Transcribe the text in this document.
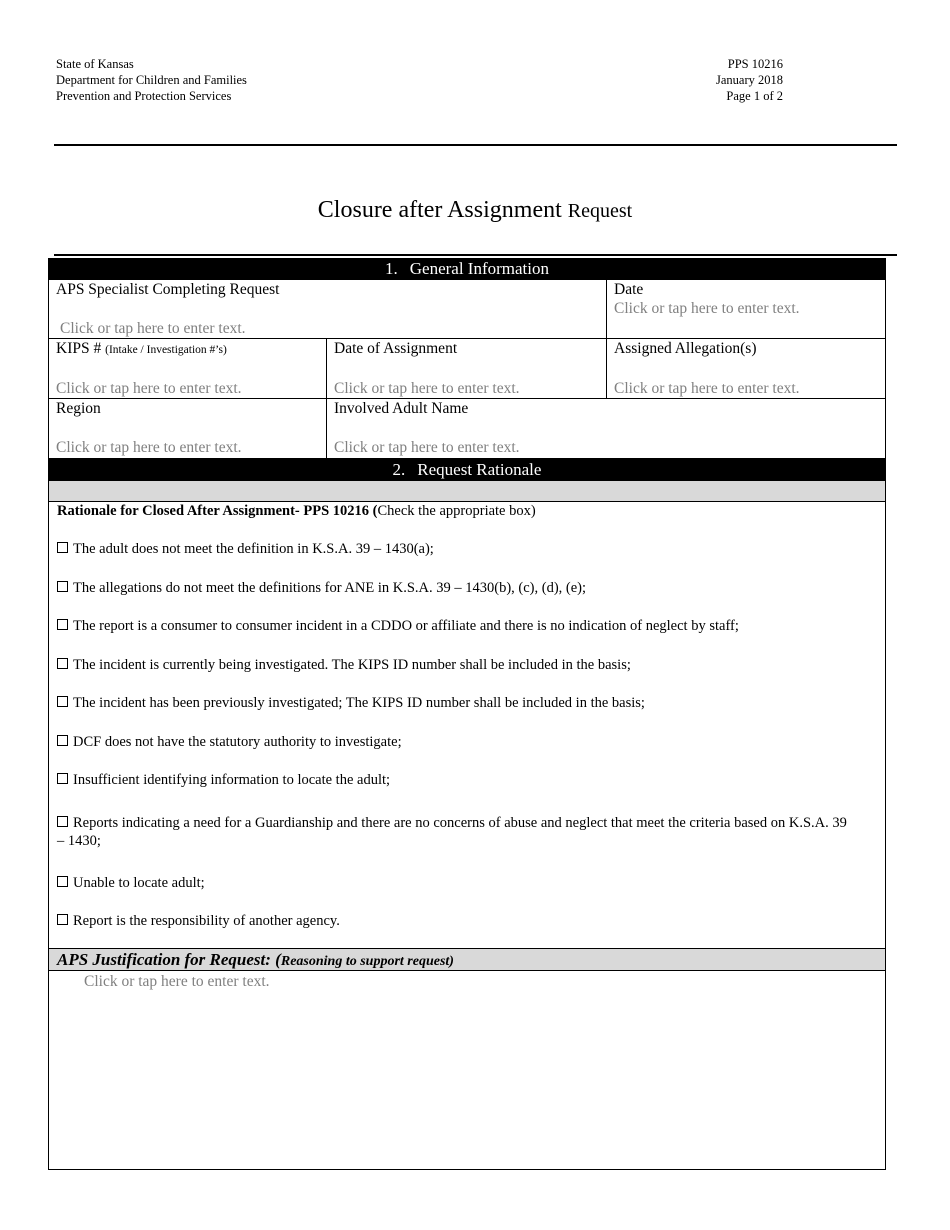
State of Kansas
Department for Children and Families
Prevention and Protection Services
PPS 10216
January 2018
Page 1 of 2
Closure after Assignment Request
1. General Information
APS Specialist Completing Request
Click or tap here to enter text.
Date
Click or tap here to enter text.
KIPS # (Intake / Investigation #’s)
Click or tap here to enter text.
Date of Assignment
Click or tap here to enter text.
Assigned Allegation(s)
Click or tap here to enter text.
Region
Click or tap here to enter text.
Involved Adult Name
Click or tap here to enter text.
2. Request Rationale
Rationale for Closed After Assignment- PPS 10216 (Check the appropriate box)
The adult does not meet the definition in K.S.A. 39 – 1430(a);
The allegations do not meet the definitions for ANE in K.S.A. 39 – 1430(b), (c), (d), (e);
The report is a consumer to consumer incident in a CDDO or affiliate and there is no indication of neglect by staff;
The incident is currently being investigated. The KIPS ID number shall be included in the basis;
The incident has been previously investigated; The KIPS ID number shall be included in the basis;
DCF does not have the statutory authority to investigate;
Insufficient identifying information to locate the adult;
Reports indicating a need for a Guardianship and there are no concerns of abuse and neglect that meet the criteria based on K.S.A. 39 – 1430;
Unable to locate adult;
Report is the responsibility of another agency.
APS Justification for Request: (Reasoning to support request)
Click or tap here to enter text.
